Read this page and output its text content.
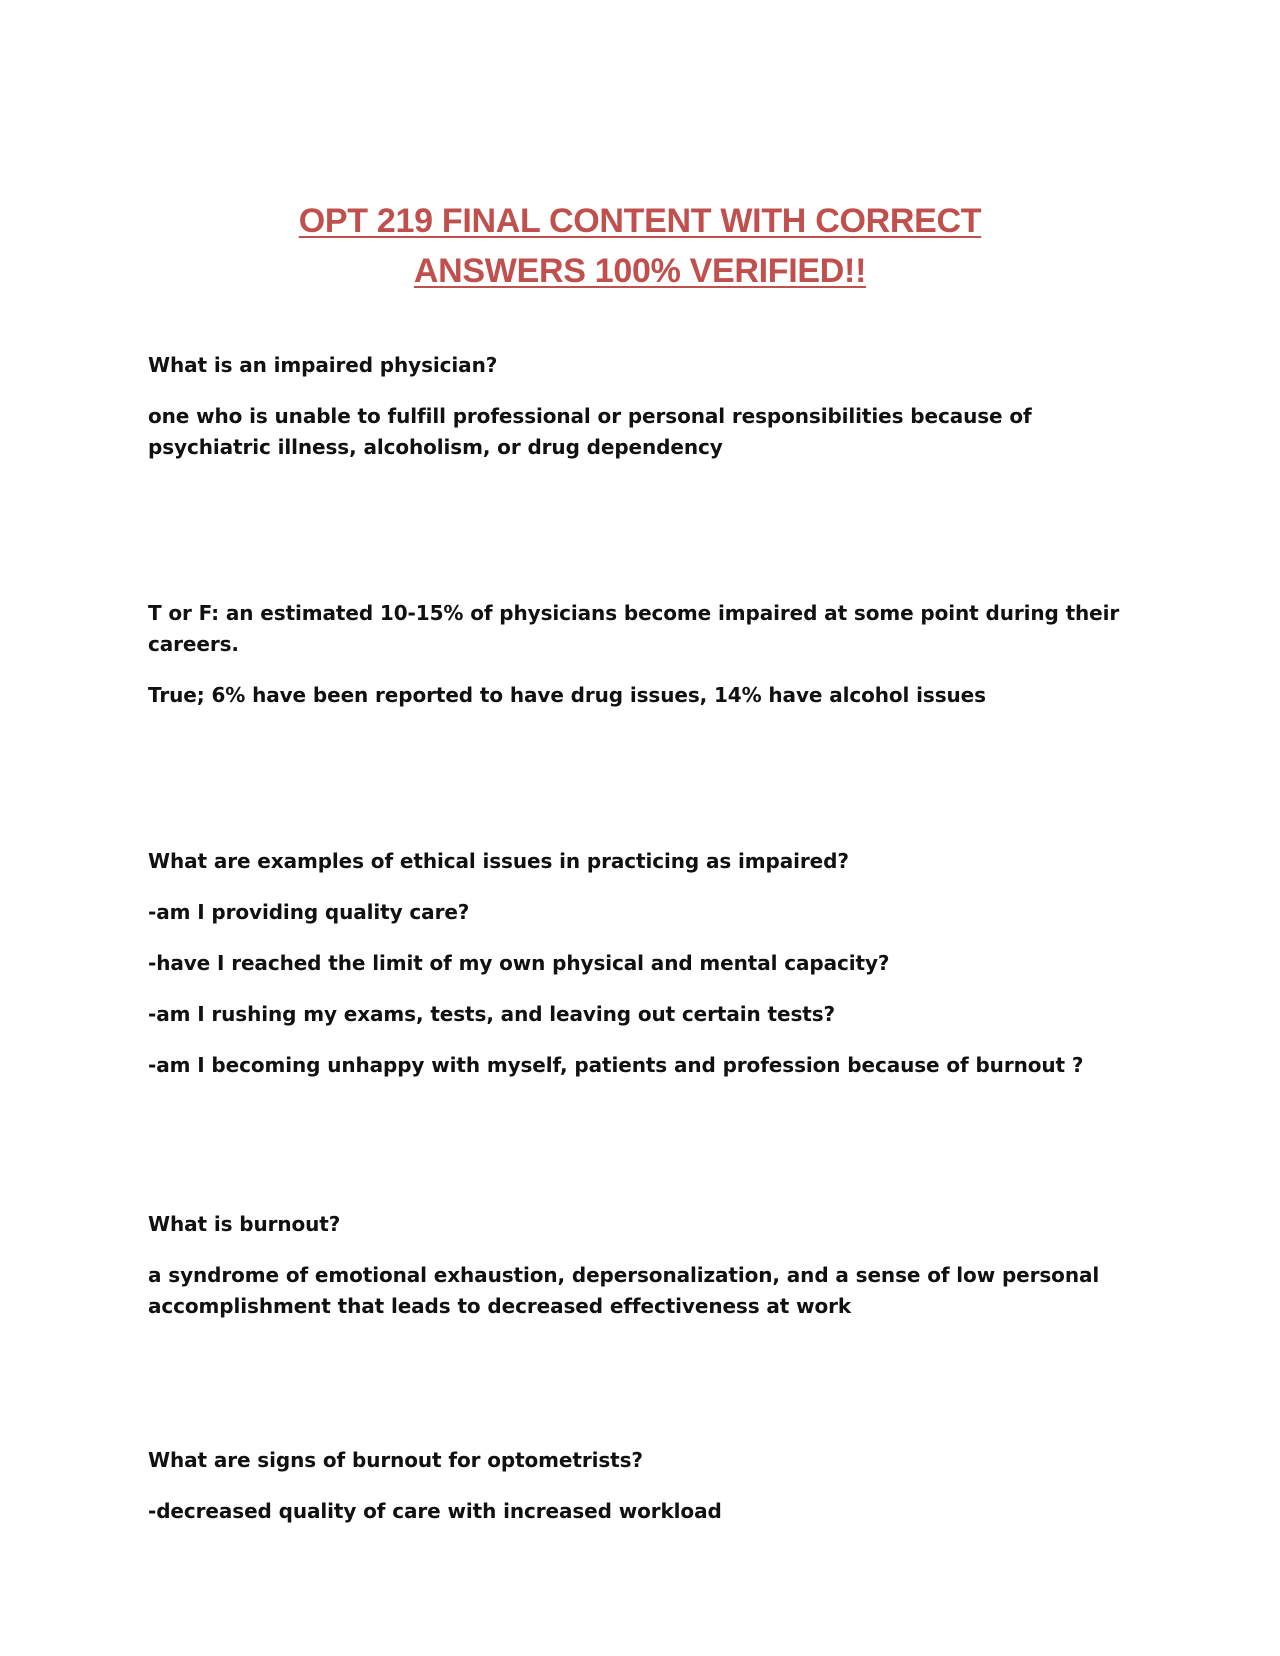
OPT 219 FINAL CONTENT WITH CORRECT
ANSWERS 100% VERIFIED!!

What is an impaired physician?

one who is unable to fulfill professional or personal responsibilities because of psychiatric illness, alcoholism, or drug dependency

T or F: an estimated 10-15% of physicians become impaired at some point during their careers.

True; 6% have been reported to have drug issues, 14% have alcohol issues

What are examples of ethical issues in practicing as impaired?

-am I providing quality care?

-have I reached the limit of my own physical and mental capacity?

-am I rushing my exams, tests, and leaving out certain tests?

-am I becoming unhappy with myself, patients and profession because of burnout ?

What is burnout?

a syndrome of emotional exhaustion, depersonalization, and a sense of low personal accomplishment that leads to decreased effectiveness at work

What are signs of burnout for optometrists?

-decreased quality of care with increased workload
